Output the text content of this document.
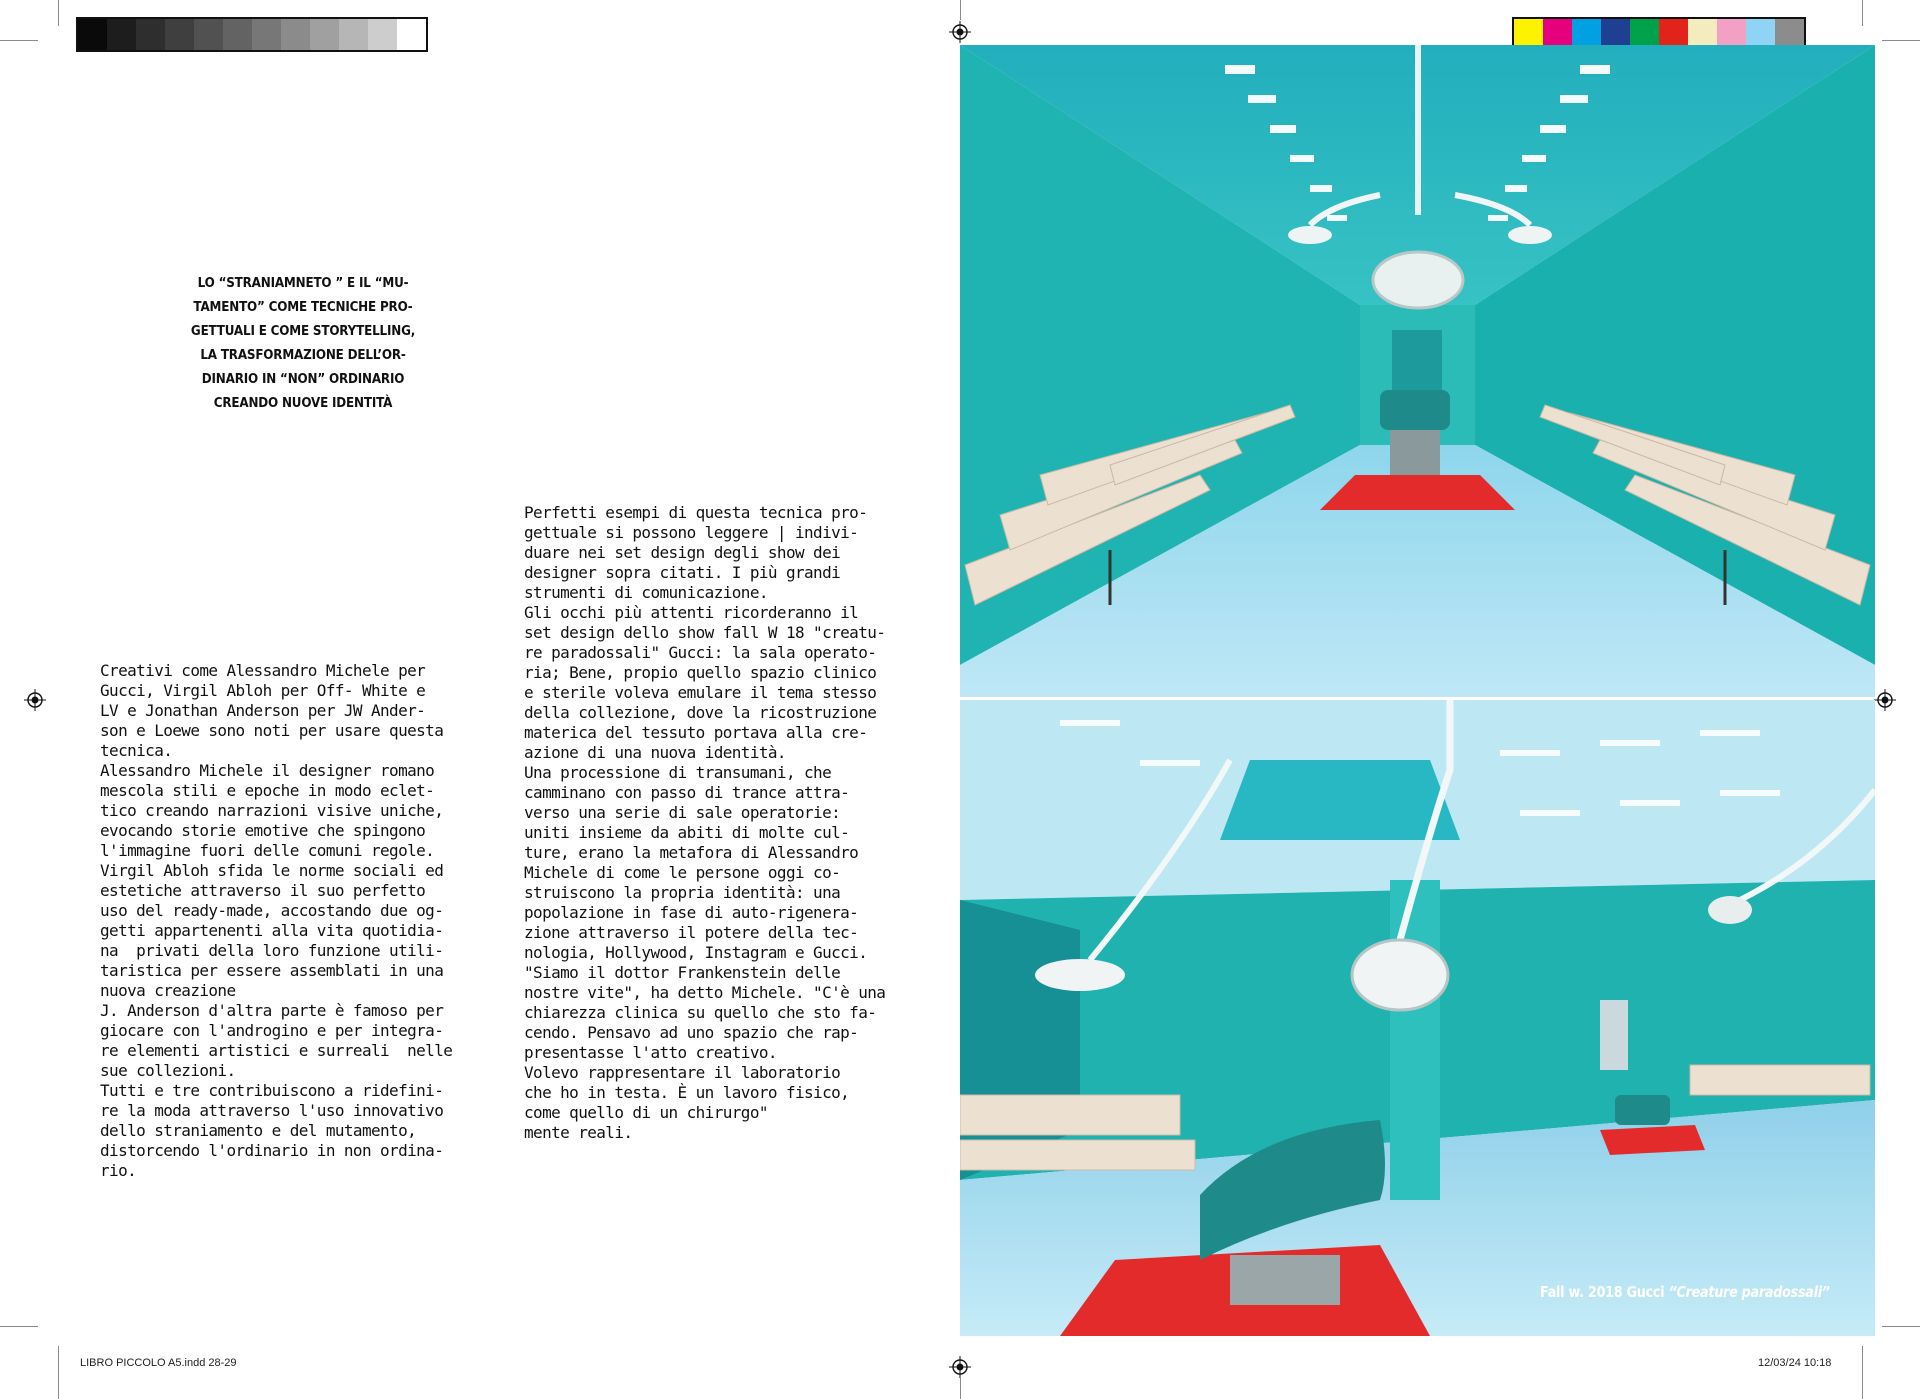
LO “STRANIAMNETO ” E IL “MU-
TAMENTO” COME TECNICHE PRO-
GETTUALI E COME STORYTELLING,
LA TRASFORMAZIONE DELL’OR-
DINARIO IN “NON” ORDINARIO
CREANDO NUOVE IDENTITÀ
Creativi come Alessandro Michele per
Gucci, Virgil Abloh per Off- White e
LV e Jonathan Anderson per JW Ander-
son e Loewe sono noti per usare questa
tecnica.
Alessandro Michele il designer romano
mescola stili e epoche in modo eclet-
tico creando narrazioni visive uniche,
evocando storie emotive che spingono
l'immagine fuori delle comuni regole.
Virgil Abloh sfida le norme sociali ed
estetiche attraverso il suo perfetto
uso del ready-made, accostando due og-
getti appartenenti alla vita quotidia-
na  privati della loro funzione utili-
taristica per essere assemblati in una
nuova creazione
J. Anderson d'altra parte è famoso per
giocare con l'androgino e per integra-
re elementi artistici e surreali  nelle
sue collezioni.
Tutti e tre contribuiscono a ridefini-
re la moda attraverso l'uso innovativo
dello straniamento e del mutamento,
distorcendo l'ordinario in non ordina-
rio.
Perfetti esempi di questa tecnica pro-
gettuale si possono leggere | indivi-
duare nei set design degli show dei
designer sopra citati. I più grandi
strumenti di comunicazione.
Gli occhi più attenti ricorderanno il
set design dello show fall W 18 "creatu-
re paradossali" Gucci: la sala operato-
ria; Bene, propio quello spazio clinico
e sterile voleva emulare il tema stesso
della collezione, dove la ricostruzione
materica del tessuto portava alla cre-
azione di una nuova identità.
Una processione di transumani, che
camminano con passo di trance attra-
verso una serie di sale operatorie:
uniti insieme da abiti di molte cul-
ture, erano la metafora di Alessandro
Michele di come le persone oggi co-
struiscono la propria identità: una
popolazione in fase di auto-rigenera-
zione attraverso il potere della tec-
nologia, Hollywood, Instagram e Gucci.
"Siamo il dottor Frankenstein delle
nostre vite", ha detto Michele. "C'è una
chiarezza clinica su quello che sto fa-
cendo. Pensavo ad uno spazio che rap-
presentasse l'atto creativo.
Volevo rappresentare il laboratorio
che ho in testa. È un lavoro fisico,
come quello di un chirurgo"
mente reali.
Fall w. 2018 Gucci “Creature paradossali”
LIBRO PICCOLO A5.indd 28-29	12/03/24 10:18
